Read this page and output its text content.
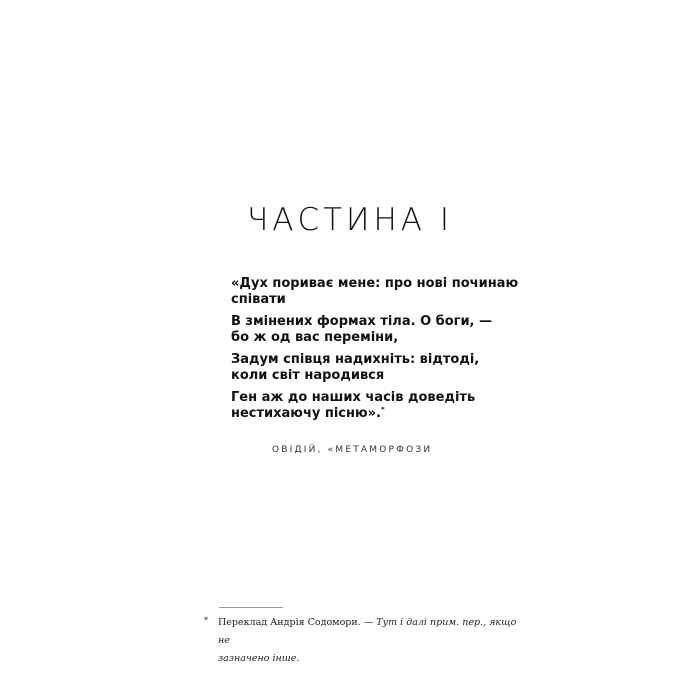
ЧАСТИНА І

«Дух пориває мене: про нові починаю
співати

В змінених формах тіла. О боги, —
бо ж од вас переміни,

Задум співця надихніть: відтоді,
коли світ народився

Ген аж до наших часів доведіть
нестихаючу пісню».*

ОВІДІЙ, «МЕТАМОРФОЗИ
* Переклад Андрія Содомори. — Тут і далі прим. пер., якщо не
зазначено інше.
